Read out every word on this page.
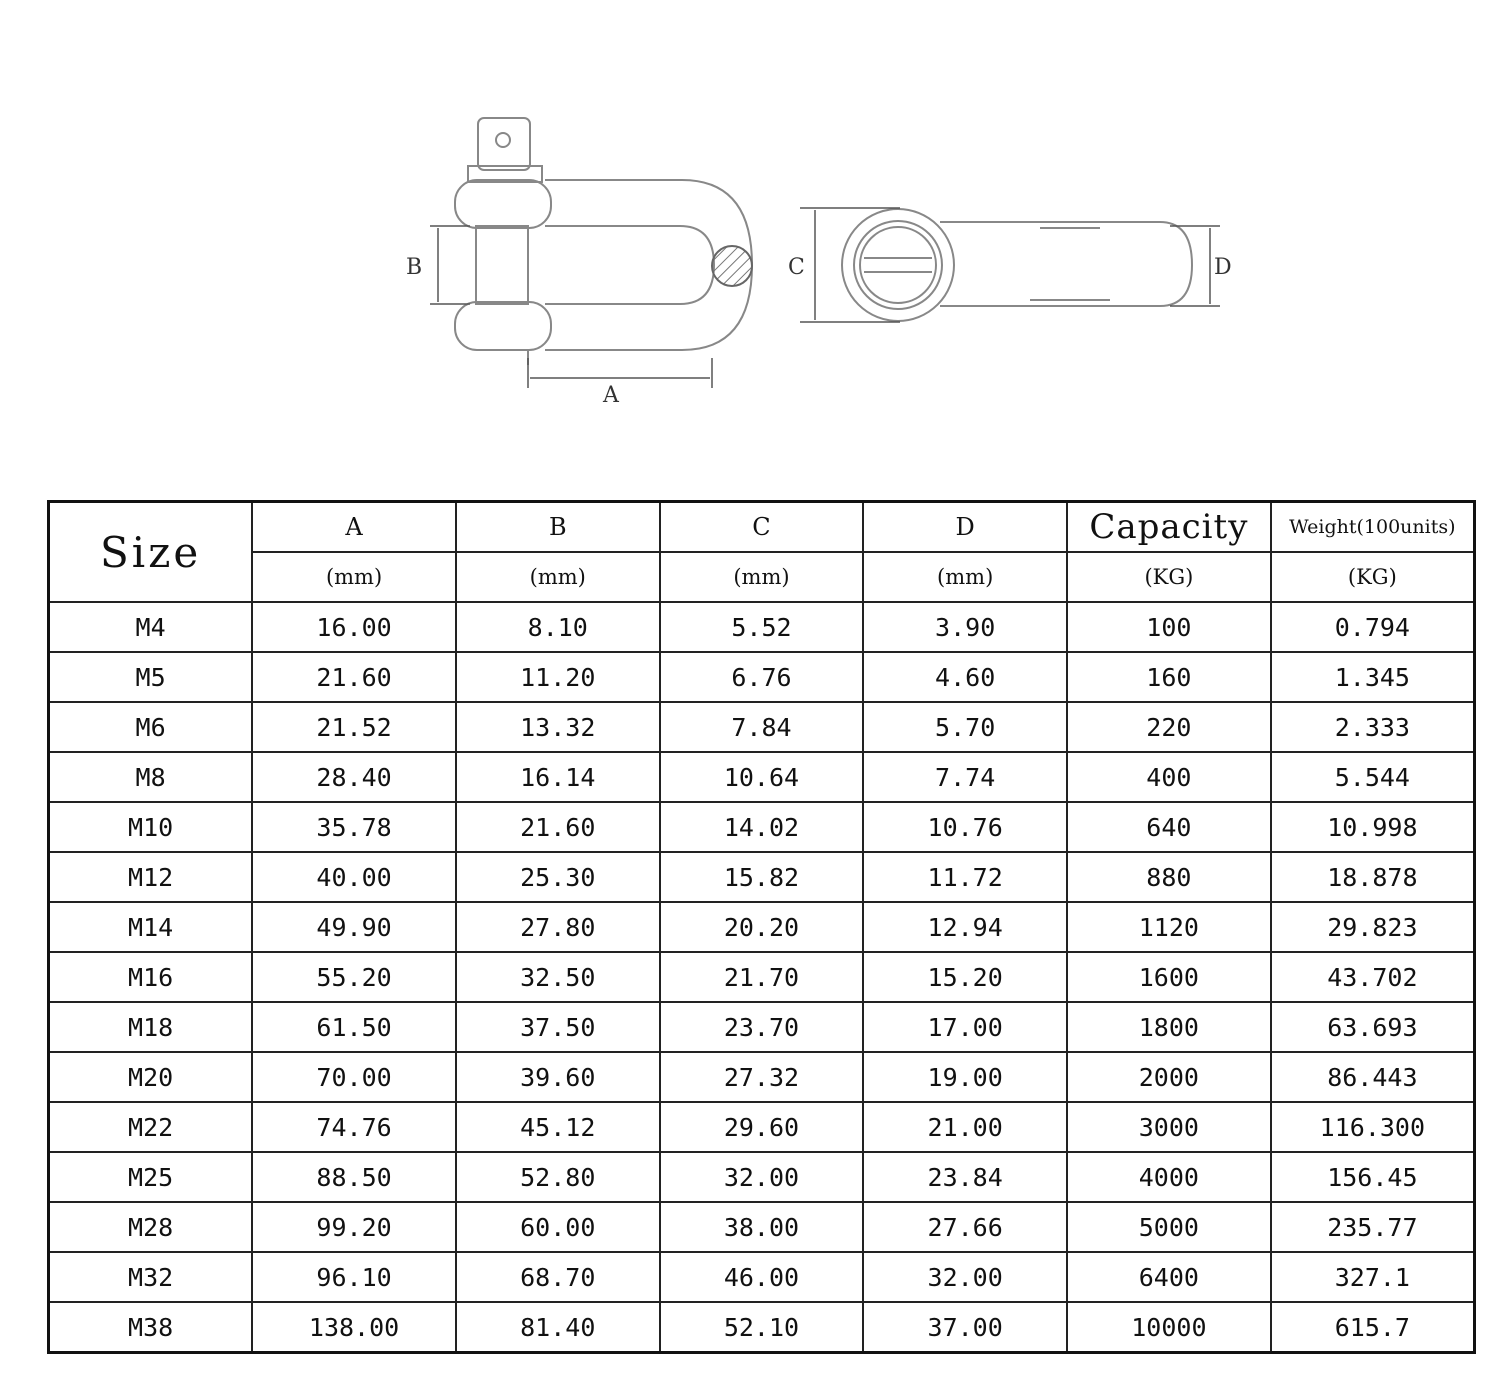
B
A
C	D
Size	A	B	C	D	Capacity	Weight(100units)
	(mm)	(mm)	(mm)	(mm)	(KG)	(KG)
M4	16.00	8.10	5.52	3.90	100	0.794
M5	21.60	11.20	6.76	4.60	160	1.345
M6	21.52	13.32	7.84	5.70	220	2.333
M8	28.40	16.14	10.64	7.74	400	5.544
M10	35.78	21.60	14.02	10.76	640	10.998
M12	40.00	25.30	15.82	11.72	880	18.878
M14	49.90	27.80	20.20	12.94	1120	29.823
M16	55.20	32.50	21.70	15.20	1600	43.702
M18	61.50	37.50	23.70	17.00	1800	63.693
M20	70.00	39.60	27.32	19.00	2000	86.443
M22	74.76	45.12	29.60	21.00	3000	116.300
M25	88.50	52.80	32.00	23.84	4000	156.45
M28	99.20	60.00	38.00	27.66	5000	235.77
M32	96.10	68.70	46.00	32.00	6400	327.1
M38	138.00	81.40	52.10	37.00	10000	615.7
